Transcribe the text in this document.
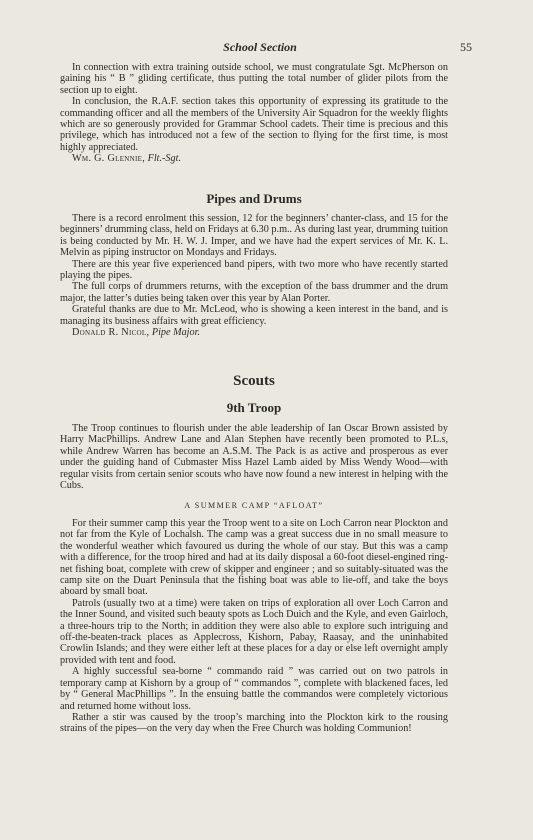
School Section	55

In connection with extra training outside school, we must congratulate Sgt. McPherson on gaining his “ B ” gliding certificate, thus putting the total number of glider pilots from the section up to eight.

In conclusion, the R.A.F. section takes this opportunity of expressing its gratitude to the commanding officer and all the members of the University Air Squadron for the weekly flights which are so generously provided for Grammar School cadets. Their time is precious and this privilege, which has introduced not a few of the section to flying for the first time, is most highly appreciated.

Wm. G. Glennie, Flt.-Sgt.

Pipes and Drums

There is a record enrolment this session, 12 for the beginners’ chanter-class, and 15 for the beginners’ drumming class, held on Fridays at 6.30 p.m.. As during last year, drumming tuition is being conducted by Mr. H. W. J. Imper, and we have had the expert services of Mr. K. L. Melvin as piping instructor on Mondays and Fridays.

There are this year five experienced band pipers, with two more who have recently started playing the pipes.

The full corps of drummers returns, with the exception of the bass drummer and the drum major, the latter’s duties being taken over this year by Alan Porter.

Grateful thanks are due to Mr. McLeod, who is showing a keen interest in the band, and is managing its business affairs with great efficiency.

Donald R. Nicol, Pipe Major.

Scouts
9th Troop

The Troop continues to flourish under the able leadership of Ian Oscar Brown assisted by Harry MacPhillips. Andrew Lane and Alan Stephen have recently been promoted to P.L.s, while Andrew Warren has become an A.S.M. The Pack is as active and prosperous as ever under the guiding hand of Cubmaster Miss Hazel Lamb aided by Miss Wendy Wood—with regular visits from certain senior scouts who have now found a new interest in helping with the Cubs.

A SUMMER CAMP “AFLOAT”

For their summer camp this year the Troop went to a site on Loch Carron near Plockton and not far from the Kyle of Lochalsh. The camp was a great success due in no small measure to the wonderful weather which favoured us during the whole of our stay. But this was a camp with a difference, for the troop hired and had at its daily disposal a 60-foot diesel-engined ring-net fishing boat, complete with crew of skipper and engineer ; and so suitably-situated was the camp site on the Duart Peninsula that the fishing boat was able to lie-off, and take the boys aboard by small boat.

Patrols (usually two at a time) were taken on trips of exploration all over Loch Carron and the Inner Sound, and visited such beauty spots as Loch Duich and the Kyle, and even Gairloch, a three-hours trip to the North; in addition they were also able to explore such intriguing and off-the-beaten-track places as Applecross, Kishorn, Pabay, Raasay, and the uninhabited Crowlin Islands; and they were either left at these places for a day or else left overnight amply provided with tent and food.

A highly successful sea-borne “ commando raid ” was carried out on two patrols in temporary camp at Kishorn by a group of “ commandos ”, complete with blackened faces, led by “ General MacPhillips ”. In the ensuing battle the commandos were completely victorious and returned home without loss.

Rather a stir was caused by the troop’s marching into the Plockton kirk to the rousing strains of the pipes—on the very day when the Free Church was holding Communion!
